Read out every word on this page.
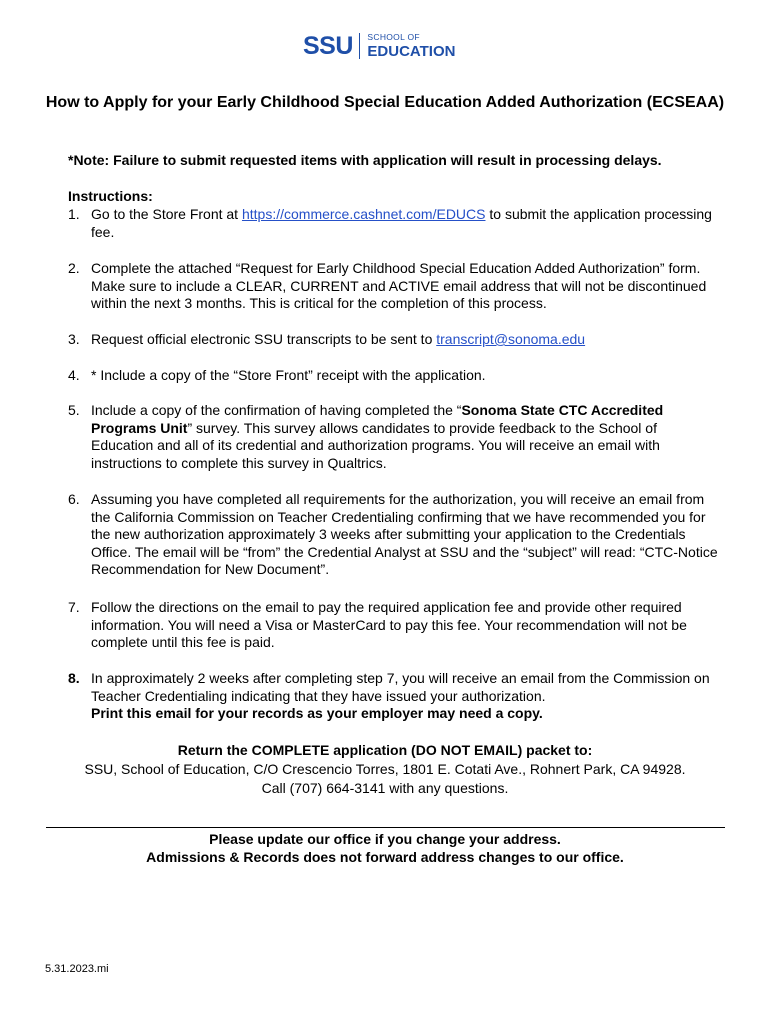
SSU SCHOOL OF
EDUCATION
How to Apply for your Early Childhood Special Education Added Authorization (ECSEAA)
*Note: Failure to submit requested items with application will result in processing delays.
Instructions:
1. Go to the Store Front at https://commerce.cashnet.com/EDUCS to submit the application processing fee.
2. Complete the attached “Request for Early Childhood Special Education Added Authorization” form. Make sure to include a CLEAR, CURRENT and ACTIVE email address that will not be discontinued within the next 3 months. This is critical for the completion of this process.
3. Request official electronic SSU transcripts to be sent to transcript@sonoma.edu
4. * Include a copy of the “Store Front” receipt with the application.
5. Include a copy of the confirmation of having completed the “Sonoma State CTC Accredited Programs Unit” survey. This survey allows candidates to provide feedback to the School of Education and all of its credential and authorization programs. You will receive an email with instructions to complete this survey in Qualtrics.
6. Assuming you have completed all requirements for the authorization, you will receive an email from the California Commission on Teacher Credentialing confirming that we have recommended you for the new authorization approximately 3 weeks after submitting your application to the Credentials Office. The email will be “from” the Credential Analyst at SSU and the “subject” will read: “CTC-Notice Recommendation for New Document”.
7. Follow the directions on the email to pay the required application fee and provide other required information. You will need a Visa or MasterCard to pay this fee. Your recommendation will not be complete until this fee is paid.
8. In approximately 2 weeks after completing step 7, you will receive an email from the Commission on Teacher Credentialing indicating that they have issued your authorization.
Print this email for your records as your employer may need a copy.
Return the COMPLETE application (DO NOT EMAIL) packet to:
SSU, School of Education, C/O Crescencio Torres, 1801 E. Cotati Ave., Rohnert Park, CA 94928.
Call (707) 664-3141 with any questions.
Please update our office if you change your address.
Admissions & Records does not forward address changes to our office.
5.31.2023.mi
